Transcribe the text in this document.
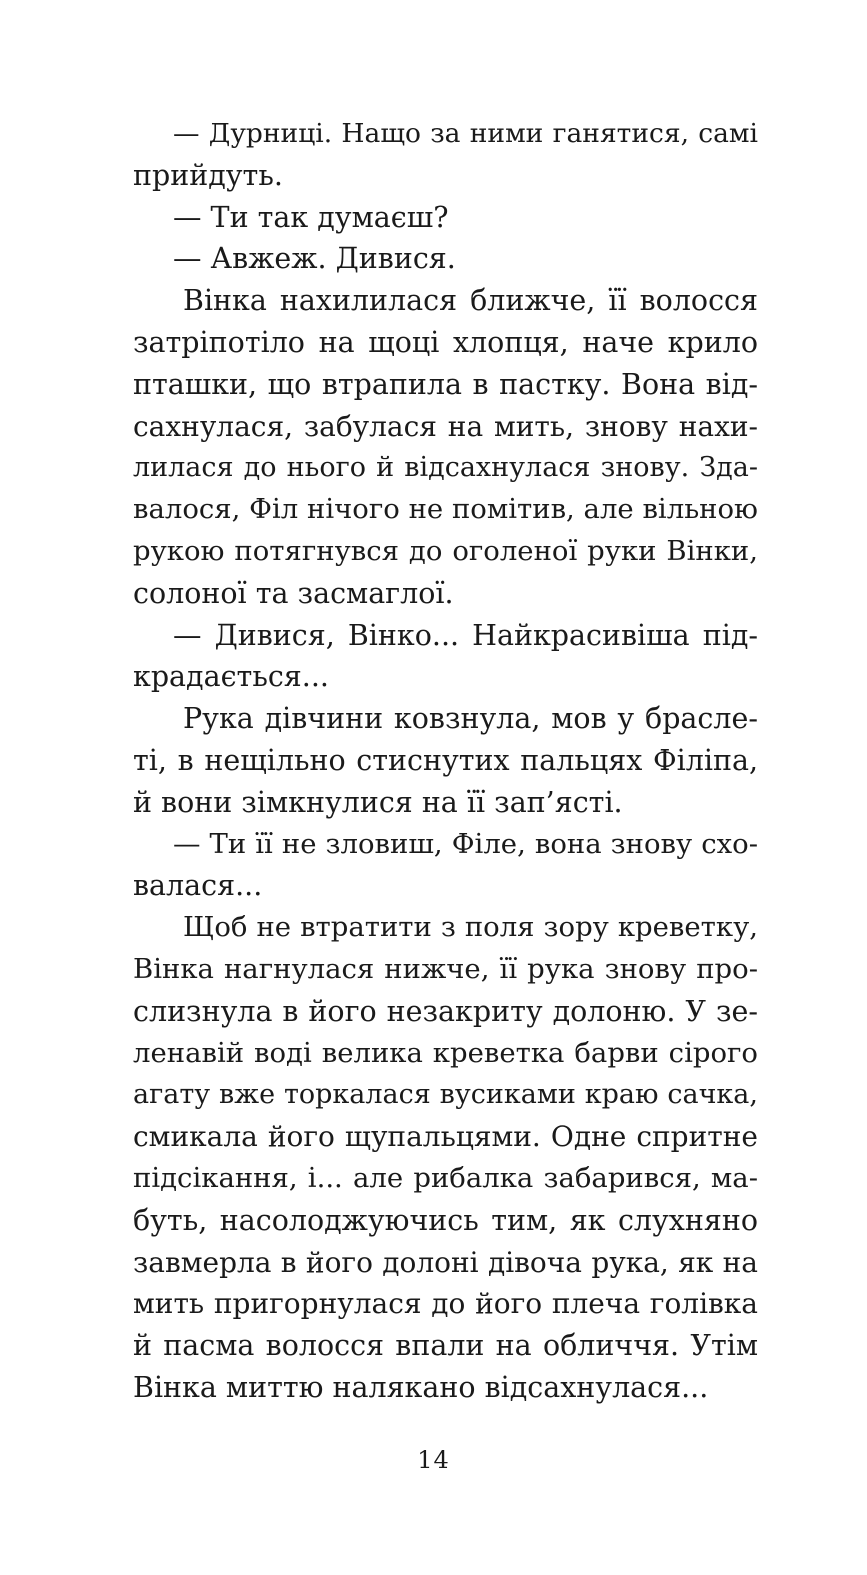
— Дурниці. Нащо за ними ганятися, самі
прийдуть.
— Ти так думаєш?
— Авжеж. Дивися.
Вінка нахилилася ближче, її волосся
затріпотіло на щоці хлопця, наче крило
пташки, що втрапила в пастку. Вона від-
сахнулася, забулася на мить, знову нахи-
лилася до нього й відсахнулася знову. Зда-
валося, Філ нічого не помітив, але вільною
рукою потягнувся до оголеної руки Вінки,
солоної та засмаглої.
— Дивися, Вінко... Найкрасивіша під-
крадається...
Рука дівчини ковзнула, мов у брасле-
ті, в нещільно стиснутих пальцях Філіпа,
й вони зімкнулися на її зап’ясті.
— Ти її не зловиш, Філе, вона знову схо-
валася...
Щоб не втратити з поля зору креветку,
Вінка нагнулася нижче, її рука знову про-
слизнула в його незакриту долоню. У зе-
ленавій воді велика креветка барви сірого
агату вже торкалася вусиками краю сачка,
смикала його щупальцями. Одне спритне
підсікання, і... але рибалка забарився, ма-
буть, насолоджуючись тим, як слухняно
завмерла в його долоні дівоча рука, як на
мить пригорнулася до його плеча голівка
й пасма волосся впали на обличчя. Утім
Вінка миттю налякано відсахнулася...
14
